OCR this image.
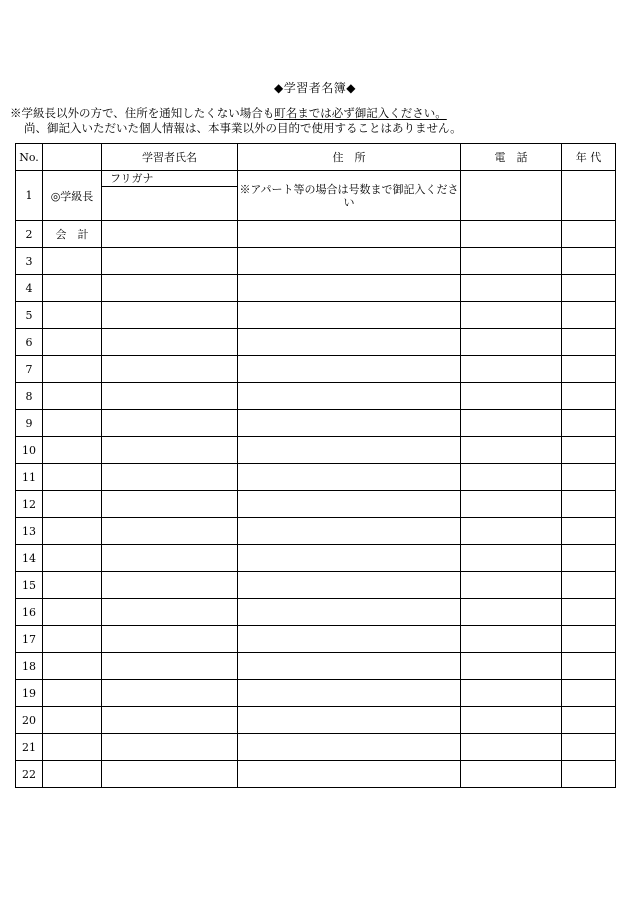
◆学習者名簿◆
※学級長以外の方で、住所を通知したくない場合も町名までは必ず御記入ください。
尚、御記入いただいた個人情報は、本事業以外の目的で使用することはありません。
No.		学習者氏名	住　所	電　話	年 代
1	◎学級長	フリガナ	※アパート等の場合は号数まで御記入ください		
2	会　計				
3					
4					
5					
6					
7					
8					
9					
10					
11					
12					
13					
14					
15					
16					
17					
18					
19					
20					
21					
22					
